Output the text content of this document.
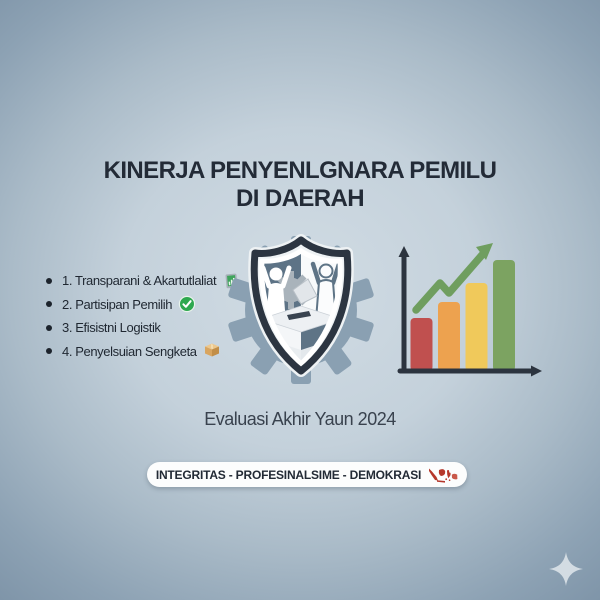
KINERJA PENYENLGNARA PEMILU
DI DAERAH
1. Transparani & Akartutlaliat
2. Partisipan Pemilih
3. Efisistni Logistik
4. Penyelsuian Sengketa
Evaluasi Akhir Yaun 2024
INTEGRITAS - PROFESINALSIME - DEMOKRASI
